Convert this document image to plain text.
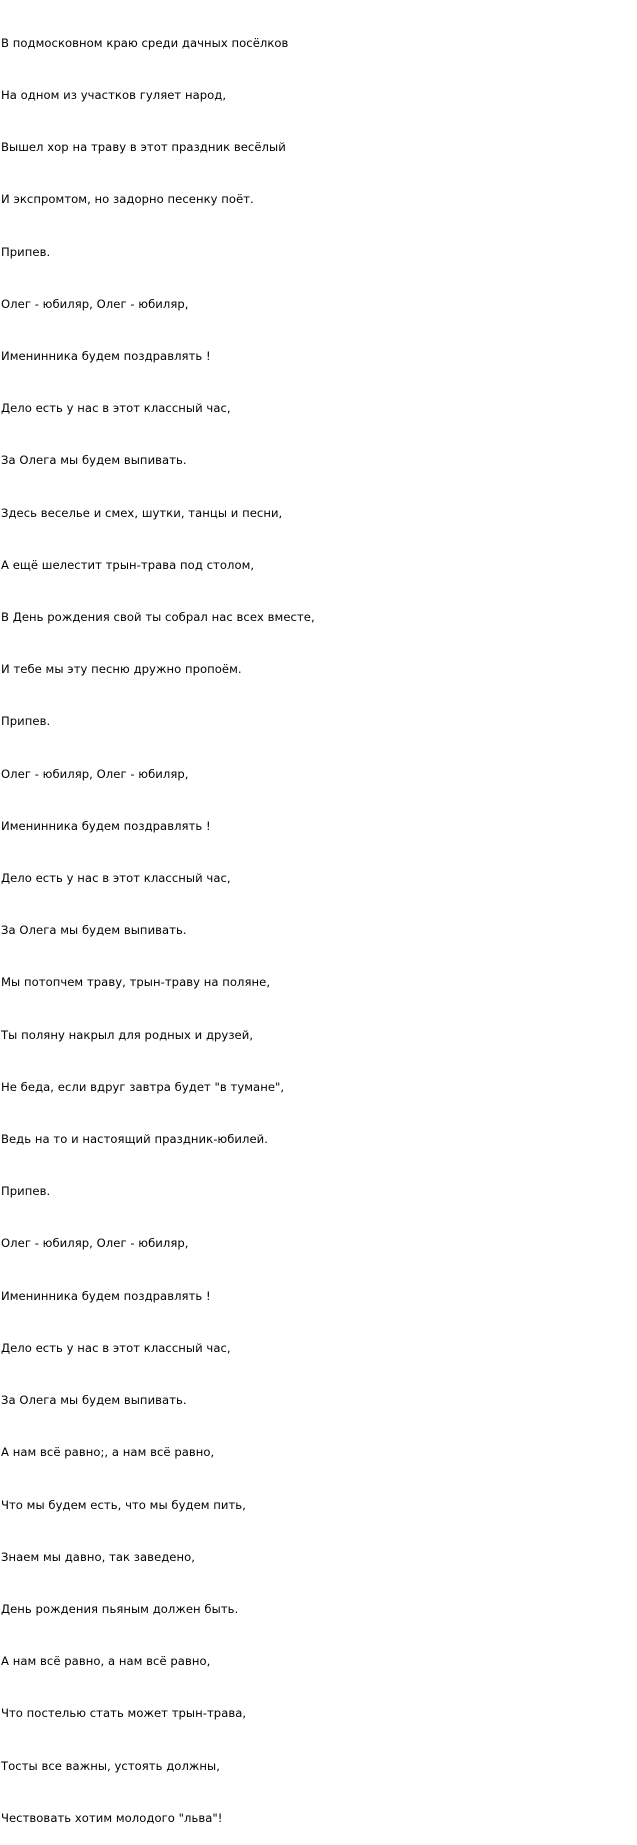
В подмосковном краю среди дачных посёлков

На одном из участков гуляет народ,

Вышел хор на траву в этот праздник весёлый

И экспромтом, но задорно песенку поёт.

Припев.

Олег - юбиляр, Олег - юбиляр,

Именинника будем поздравлять !

Дело есть у нас в этот классный час,

За Олега мы будем выпивать.

Здесь веселье и смех, шутки, танцы и песни,

А ещё шелестит трын-трава под столом,

В День рождения свой ты собрал нас всех вместе,

И тебе мы эту песню дружно пропоём.

Припев.

Олег - юбиляр, Олег - юбиляр,

Именинника будем поздравлять !

Дело есть у нас в этот классный час,

За Олега мы будем выпивать.

Мы потопчем траву, трын-траву на поляне,

Ты поляну накрыл для родных и друзей,

Не беда, если вдруг завтра будет "в тумане",

Ведь на то и настоящий праздник-юбилей.

Припев.

Олег - юбиляр, Олег - юбиляр,

Именинника будем поздравлять !

Дело есть у нас в этот классный час,

За Олега мы будем выпивать.

А нам всё равно;, а нам всё равно,

Что мы будем есть, что мы будем пить,

Знаем мы давно, так заведено,

День рождения пьяным должен быть.

А нам всё равно, а нам всё равно,

Что постелью стать может трын-трава,

Тосты все важны, устоять должны,

Чествовать хотим молодого "льва"!
